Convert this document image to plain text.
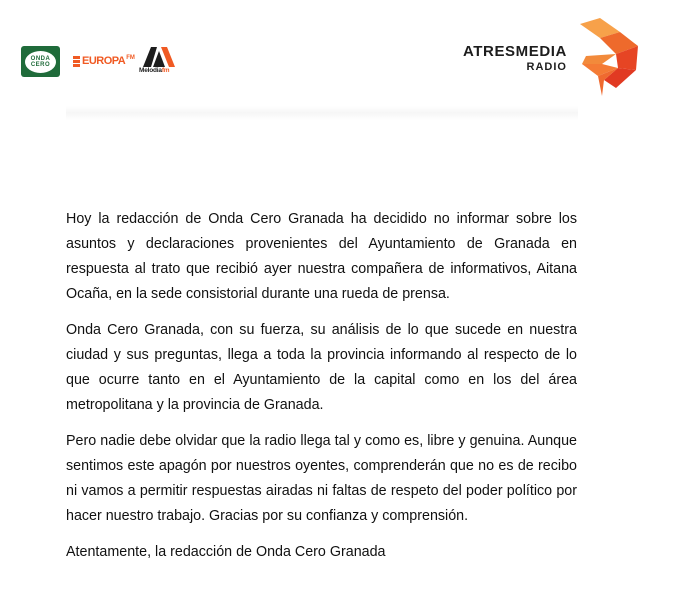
ONDA
CERO	EUROPA FM
Melodiafm
ATRESMEDIA
RADIO

Hoy la redacción de Onda Cero Granada ha decidido no informar sobre los asuntos y declaraciones provenientes del Ayuntamiento de Granada en respuesta al trato que recibió ayer nuestra compañera de informativos, Aitana Ocaña, en la sede consistorial durante una rueda de prensa.

Onda Cero Granada, con su fuerza, su análisis de lo que sucede en nuestra ciudad y sus preguntas, llega a toda la provincia informando al respecto de lo que ocurre tanto en el Ayuntamiento de la capital como en los del área metropolitana y la provincia de Granada.

Pero nadie debe olvidar que la radio llega tal y como es, libre y genuina. Aunque sentimos este apagón por nuestros oyentes, comprenderán que no es de recibo ni vamos a permitir respuestas airadas ni faltas de respeto del poder político por hacer nuestro trabajo. Gracias por su confianza y comprensión.

Atentamente, la redacción de Onda Cero Granada
